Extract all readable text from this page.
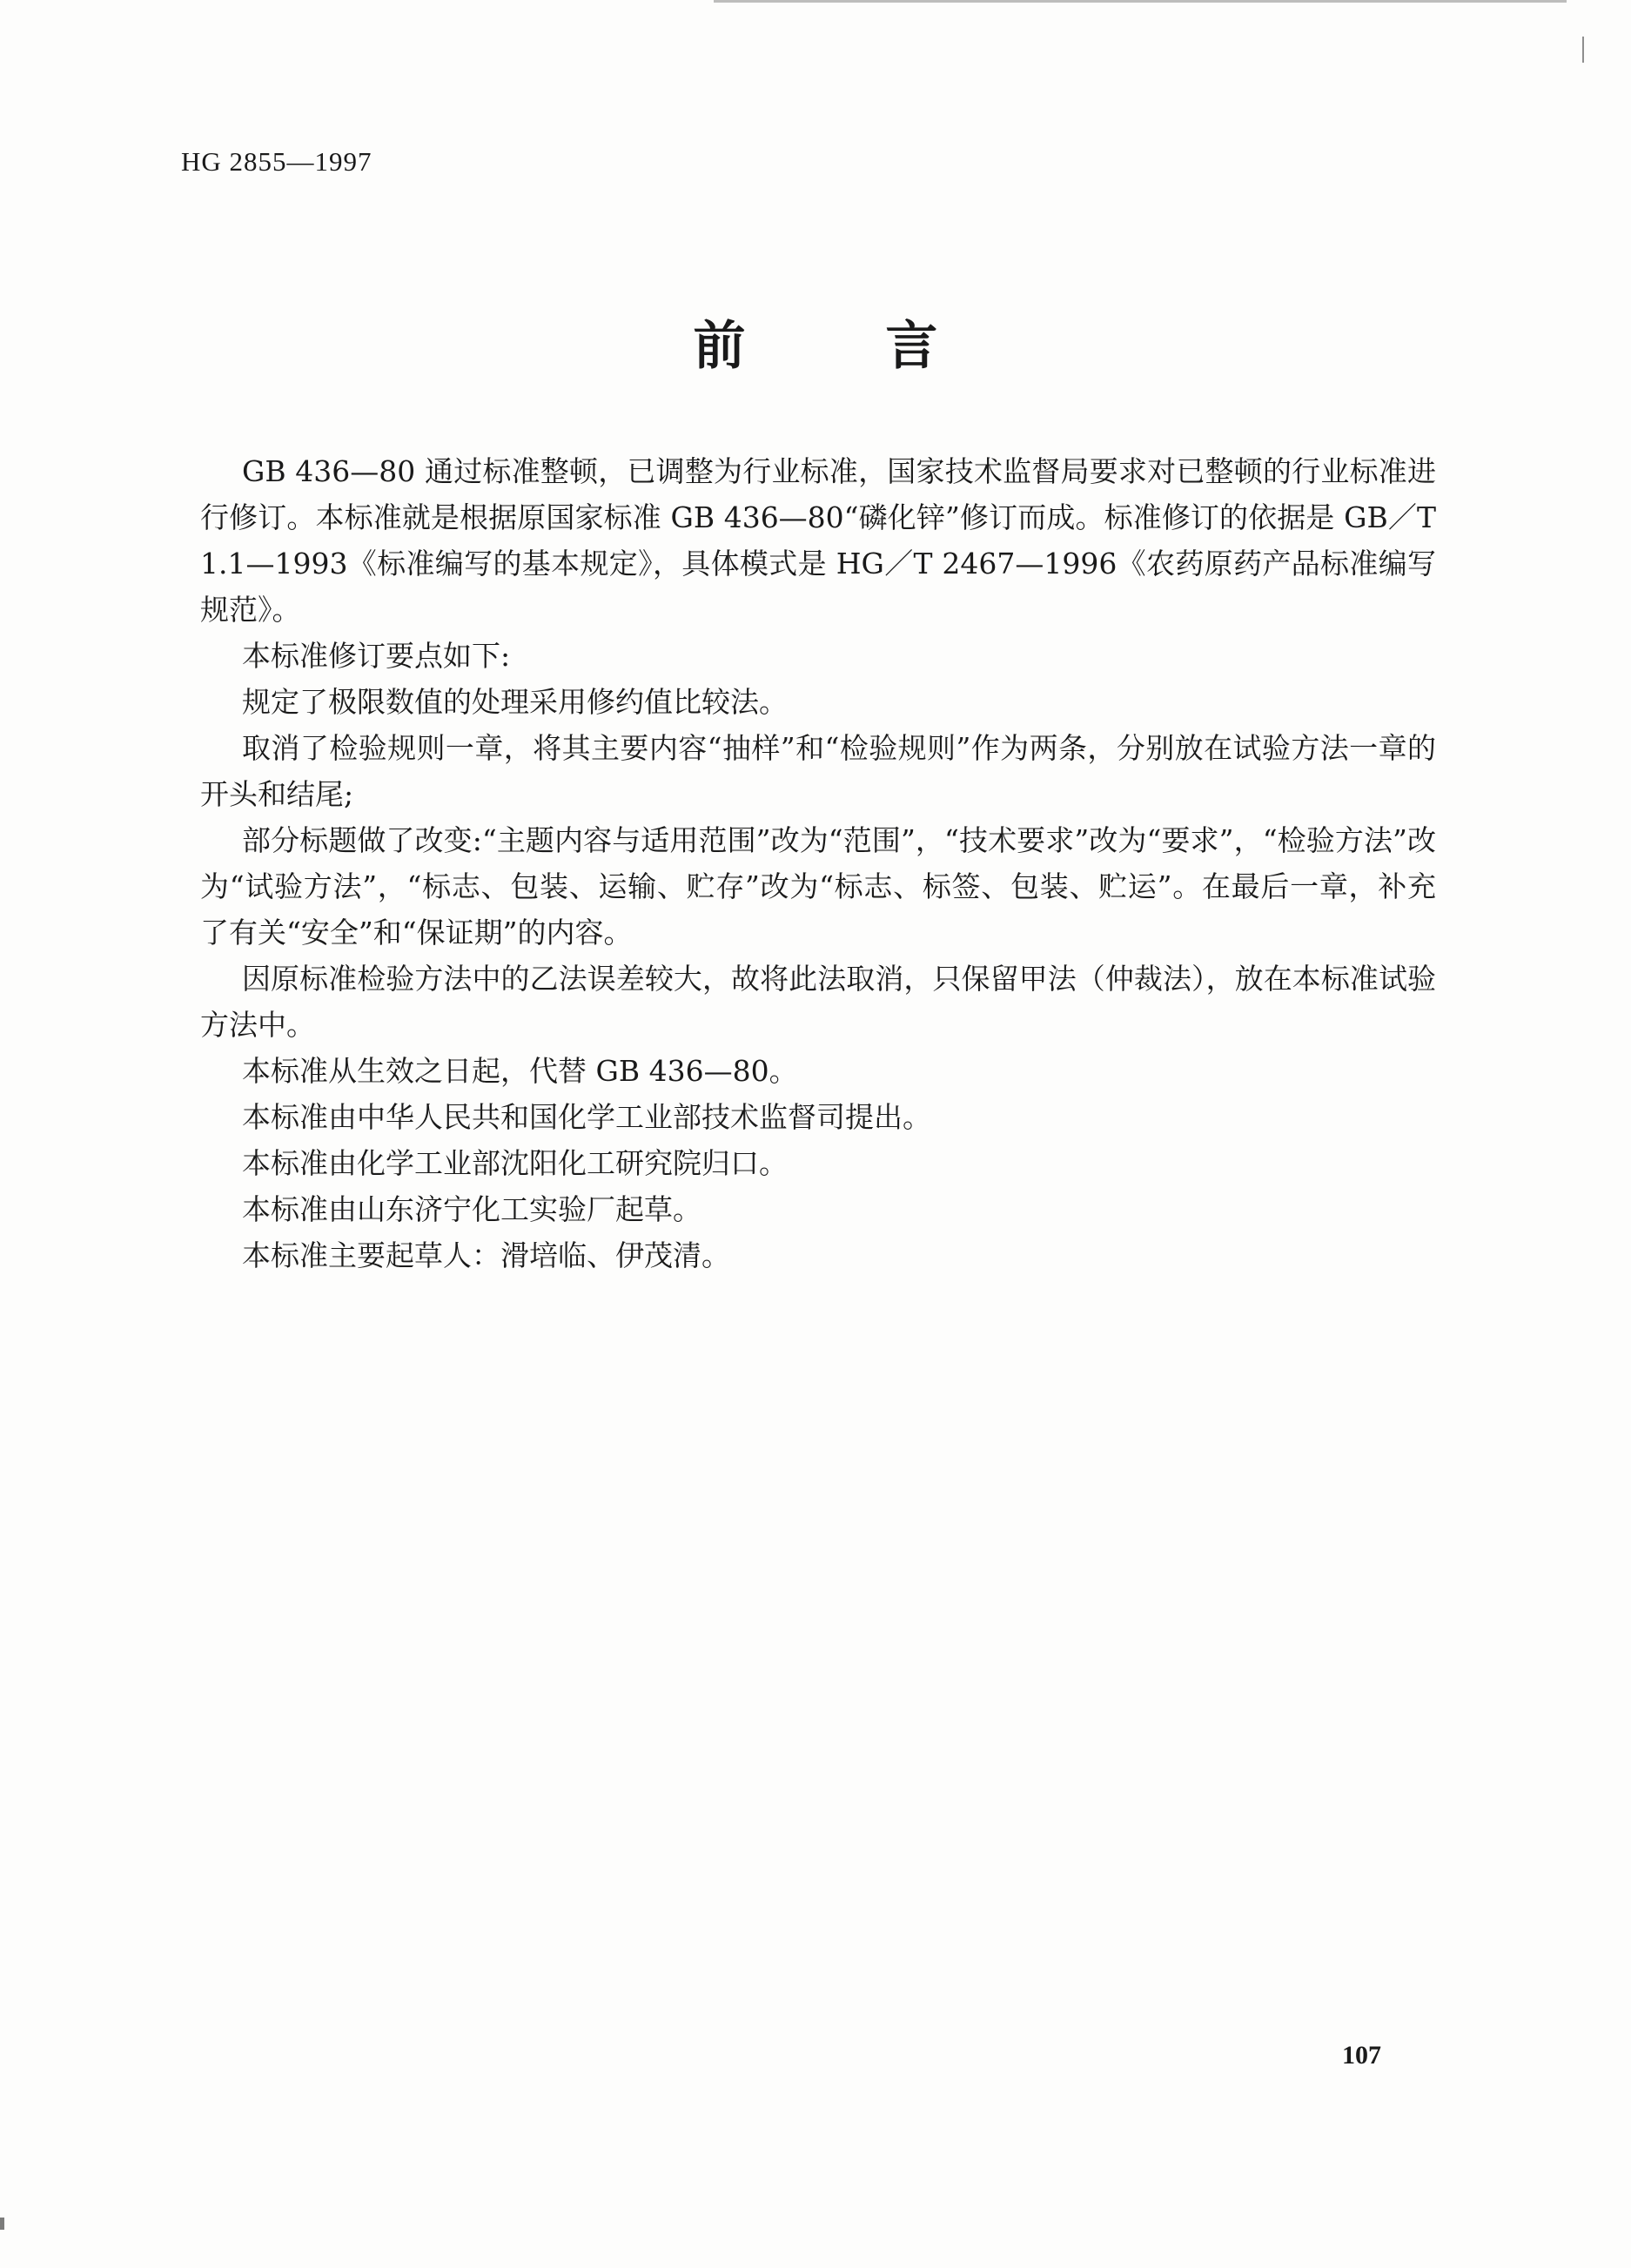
HG 2855—1997
前 言

GB 436—80 通过标准整顿，已调整为行业标准，国家技术监督局要求对已整顿的行业标准进行修订。本标准就是根据原国家标准 GB 436—80“磷化锌”修订而成。标准修订的依据是 GB／T 1.1—1993《标准编写的基本规定》，具体模式是 HG／T 2467—1996《农药原药产品标准编写规范》。

本标准修订要点如下:

规定了极限数值的处理采用修约值比较法。

取消了检验规则一章，将其主要内容“抽样”和“检验规则”作为两条，分别放在试验方法一章的开头和结尾;

部分标题做了改变:“主题内容与适用范围”改为“范围”，“技术要求”改为“要求”，“检验方法”改为“试验方法”，“标志、包装、运输、贮存”改为“标志、标签、包装、贮运”。在最后一章，补充了有关“安全”和“保证期”的内容。

因原标准检验方法中的乙法误差较大，故将此法取消，只保留甲法（仲裁法），放在本标准试验方法中。

本标准从生效之日起，代替 GB 436—80。

本标准由中华人民共和国化学工业部技术监督司提出。

本标准由化学工业部沈阳化工研究院归口。

本标准由山东济宁化工实验厂起草。

本标准主要起草人：滑培临、伊茂清。

107
